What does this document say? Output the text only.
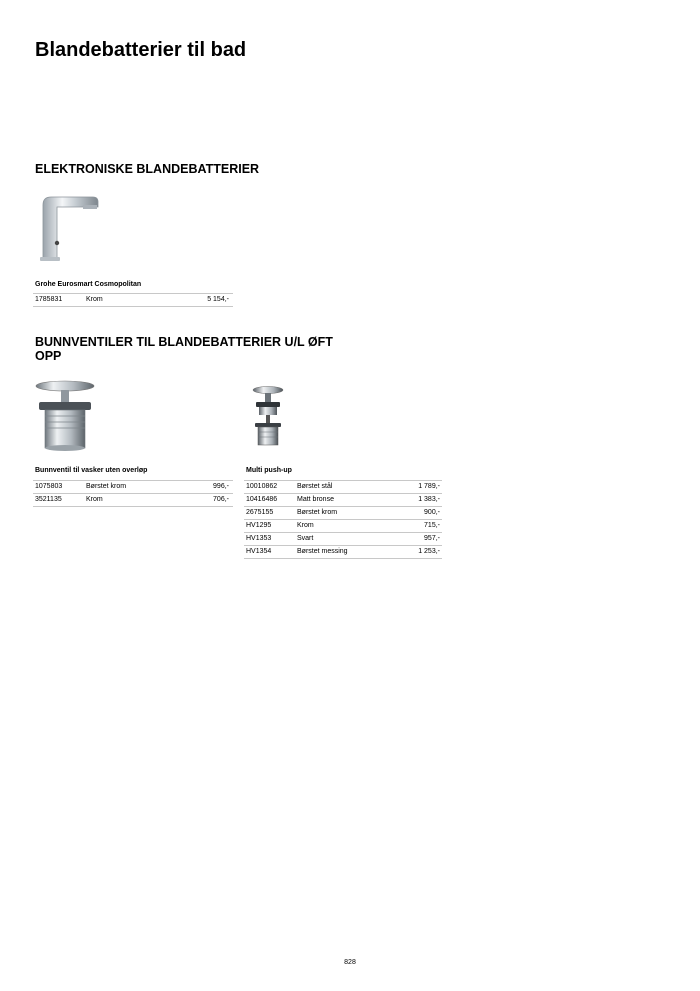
Blandebatterier til bad
ELEKTRONISKE BLANDEBATTERIER
Grohe Eurosmart Cosmopolitan
1785831	Krom	5 154,-
BUNNVENTILER TIL BLANDEBATTERIER U/L ØFT
OPP
Bunnventil til vasker uten overløp
1075803	Børstet krom	996,-
3521135	Krom	706,-
Multi push-up
10010862	Børstet stål	1 789,-
10416486	Matt bronse	1 383,-
2675155	Børstet krom	900,-
HV1295	Krom	715,-
HV1353	Svart	957,-
HV1354	Børstet messing	1 253,-
828
